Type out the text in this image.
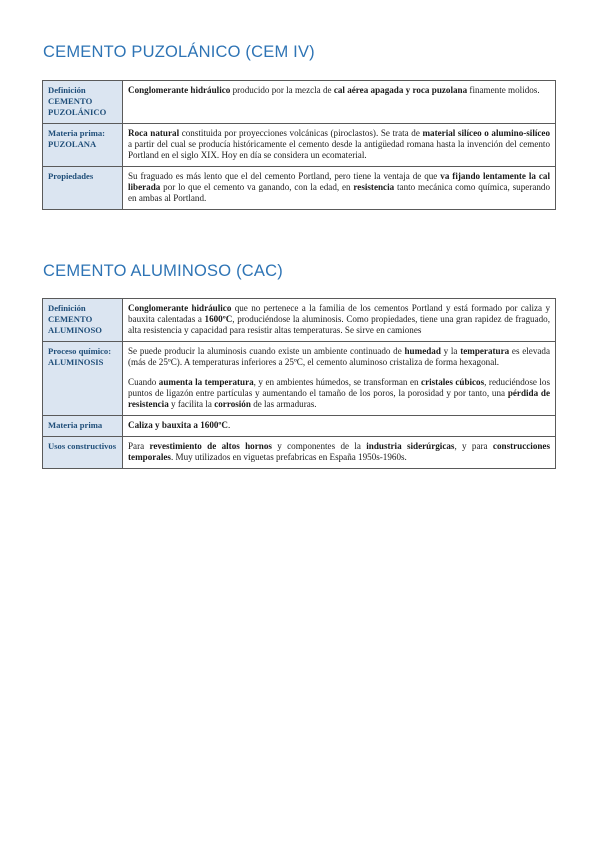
CEMENTO PUZOLÁNICO (CEM IV)
Definición CEMENTO PUZOLÁNICO	Conglomerante hidráulico producido por la mezcla de cal aérea apagada y roca puzolana finamente molidos.

Materia prima: PUZOLANA	Roca natural constituida por proyecciones volcánicas (piroclastos). Se trata de material silíceo o alumino-silíceo a partir del cual se producía históricamente el cemento desde la antigüedad romana hasta la invención del cemento Portland en el siglo XIX. Hoy en día se considera un ecomaterial.

Propiedades	Su fraguado es más lento que el del cemento Portland, pero tiene la ventaja de que va fijando lentamente la cal liberada por lo que el cemento va ganando, con la edad, en resistencia tanto mecánica como química, superando en ambas al Portland.

CEMENTO ALUMINOSO (CAC)
Definición CEMENTO ALUMINOSO	Conglomerante hidráulico que no pertenece a la familia de los cementos Portland y está formado por caliza y bauxita calentadas a 1600ºC, produciéndose la aluminosis. Como propiedades, tiene una gran rapidez de fraguado, alta resistencia y capacidad para resistir altas temperaturas. Se sirve en camiones

Proceso químico: ALUMINOSIS	Se puede producir la aluminosis cuando existe un ambiente continuado de humedad y la temperatura es elevada (más de 25ºC). A temperaturas inferiores a 25ºC, el cemento aluminoso cristaliza de forma hexagonal.

Cuando aumenta la temperatura, y en ambientes húmedos, se transforman en cristales cúbicos, reduciéndose los puntos de ligazón entre partículas y aumentando el tamaño de los poros, la porosidad y por tanto, una pérdida de resistencia y facilita la corrosión de las armaduras.

Materia prima	Caliza y bauxita a 1600ºC.

Usos constructivos	Para revestimiento de altos hornos y componentes de la industria siderúrgicas, y para construcciones temporales. Muy utilizados en viguetas prefabricas en España 1950s-1960s.
